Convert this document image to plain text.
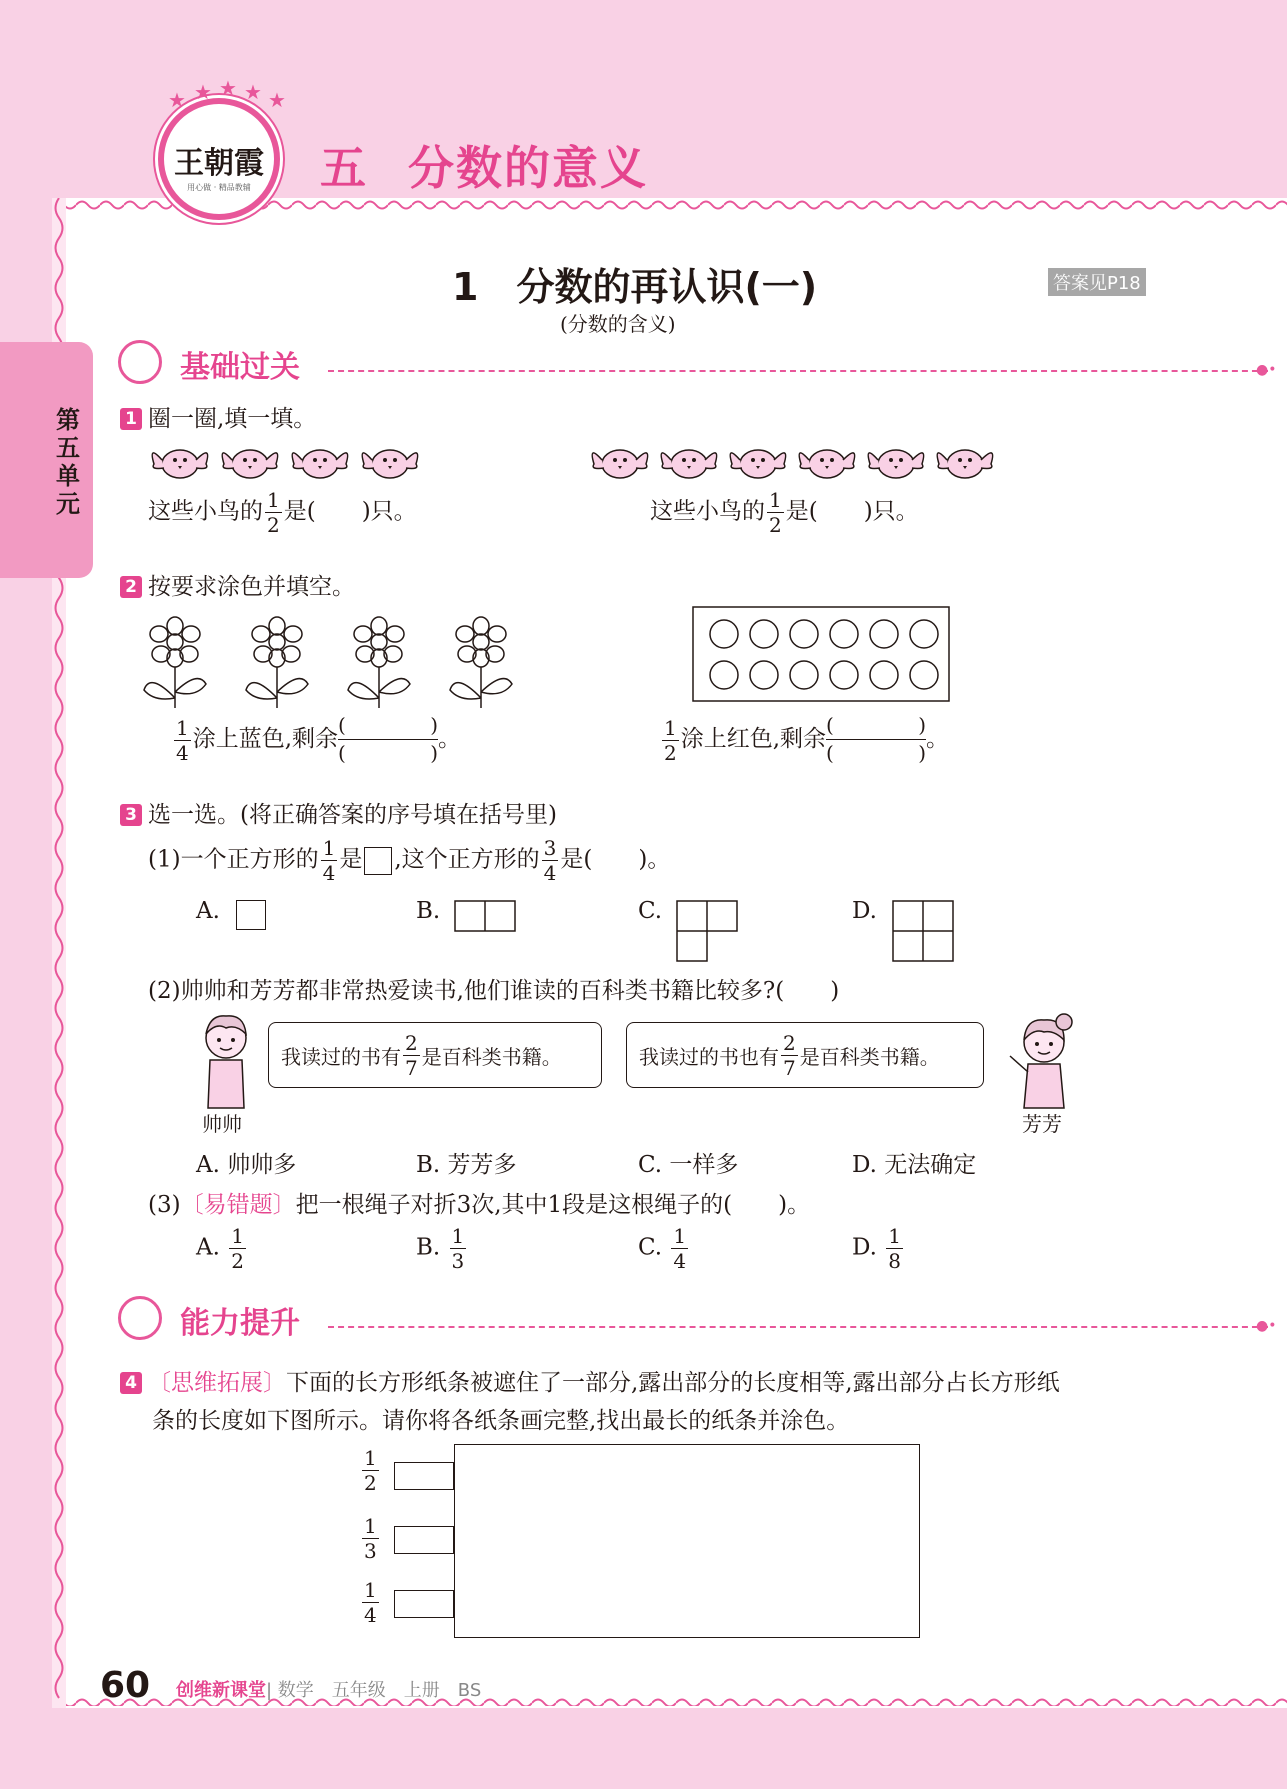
王朝霞
用心做 · 精品教辅
★ ★ ★ ★ ★
五 分数的意义
第五单元
1　分数的再认识(一)
(分数的含义)
答案见P18
基础过关	●•
1 圈一圈,填一填。
这些小鸟的 $\frac{1}{2}$ 是(　　)只。	这些小鸟的 $\frac{1}{2}$ 是(　　)只。
2 按要求涂色并填空。
$\frac{1}{4}$ 涂上蓝色,剩余
(	)
(	)
。	$\frac{1}{2}$ 涂上红色,剩余
(	)
(	)
。
3 选一选。(将正确答案的序号填在括号里)
(1)一个正方形的 $\frac{1}{4}$ 是 ,这个正方形的 $\frac{3}{4}$ 是(　　)。
A.	B.	C.	D.
(2)帅帅和芳芳都非常热爱读书,他们谁读的百科类书籍比较多?(　　)
帅帅	芳芳
我读过的书有 $\frac{2}{7}$ 是百科类书籍。	我读过的书也有 $\frac{2}{7}$ 是百科类书籍。
A. 帅帅多	B. 芳芳多	C. 一样多	D. 无法确定
(3)〔易错题〕把一根绳子对折3次,其中1段是这根绳子的(　　)。
A. $\frac{1}{2}$	B. $\frac{1}{3}$	C. $\frac{1}{4}$	D. $\frac{1}{8}$
能力提升	●•
4 〔思维拓展〕下面的长方形纸条被遮住了一部分,露出部分的长度相等,露出部分占长方形纸
条的长度如下图所示。请你将各纸条画完整,找出最长的纸条并涂色。
$\frac{1}{2}$
$\frac{1}{3}$
$\frac{1}{4}$
60 创维新课堂| 数学　五年级　上册　BS
